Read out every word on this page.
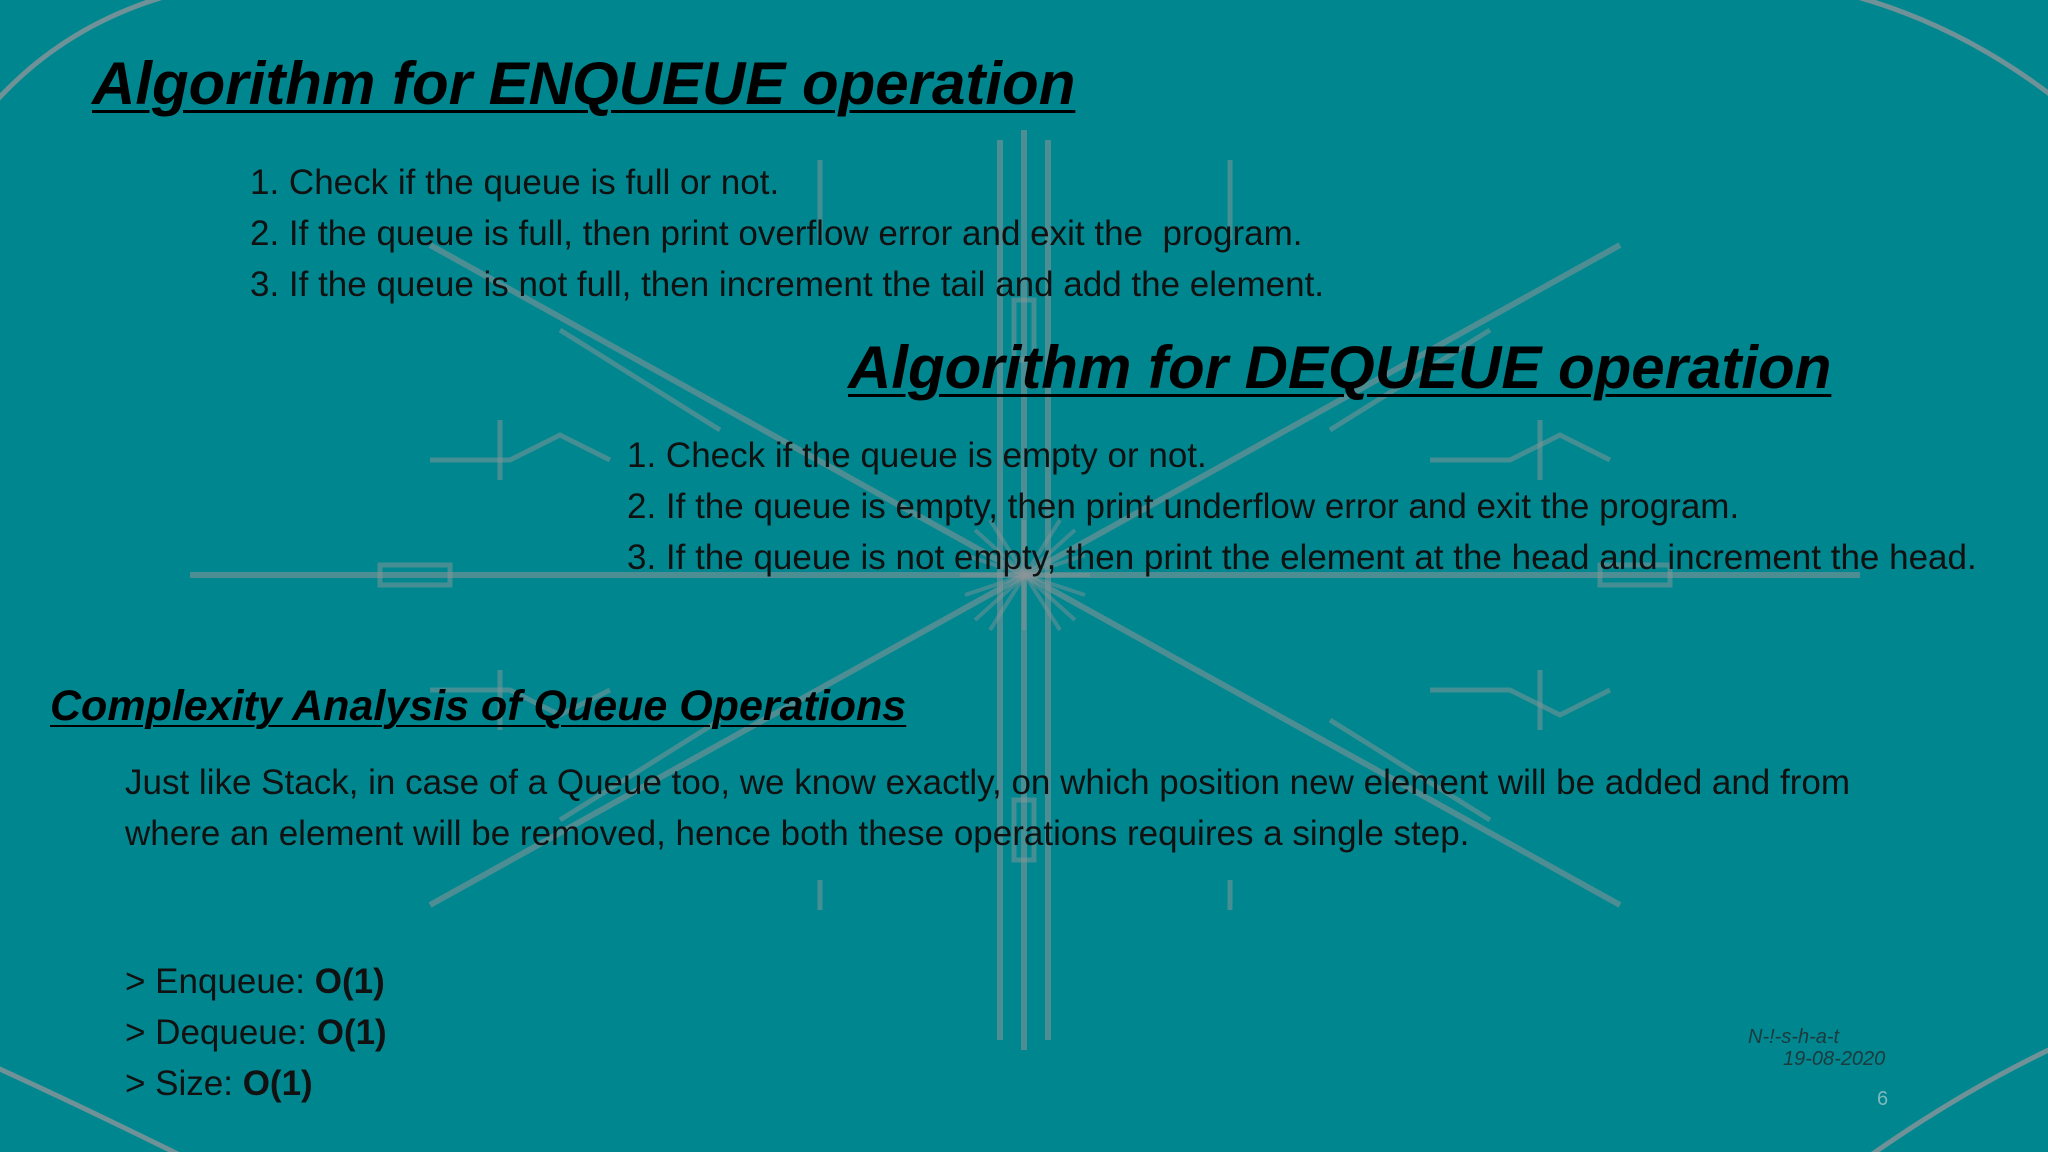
Algorithm for ENQUEUE operation
1. Check if the queue is full or not.
2. If the queue is full, then print overflow error and exit the  program.
3. If the queue is not full, then increment the tail and add the element.
Algorithm for DEQUEUE operation
1. Check if the queue is empty or not.
2. If the queue is empty, then print underflow error and exit the program.
3. If the queue is not empty, then print the element at the head and increment the head.
Complexity Analysis of Queue Operations

Just like Stack, in case of a Queue too, we know exactly, on which position new element will be added and from where an element will be removed, hence both these operations requires a single step.

> Enqueue: O(1)
> Dequeue: O(1)
> Size: O(1)
N-!-s-h-a-t
19-08-2020
6
